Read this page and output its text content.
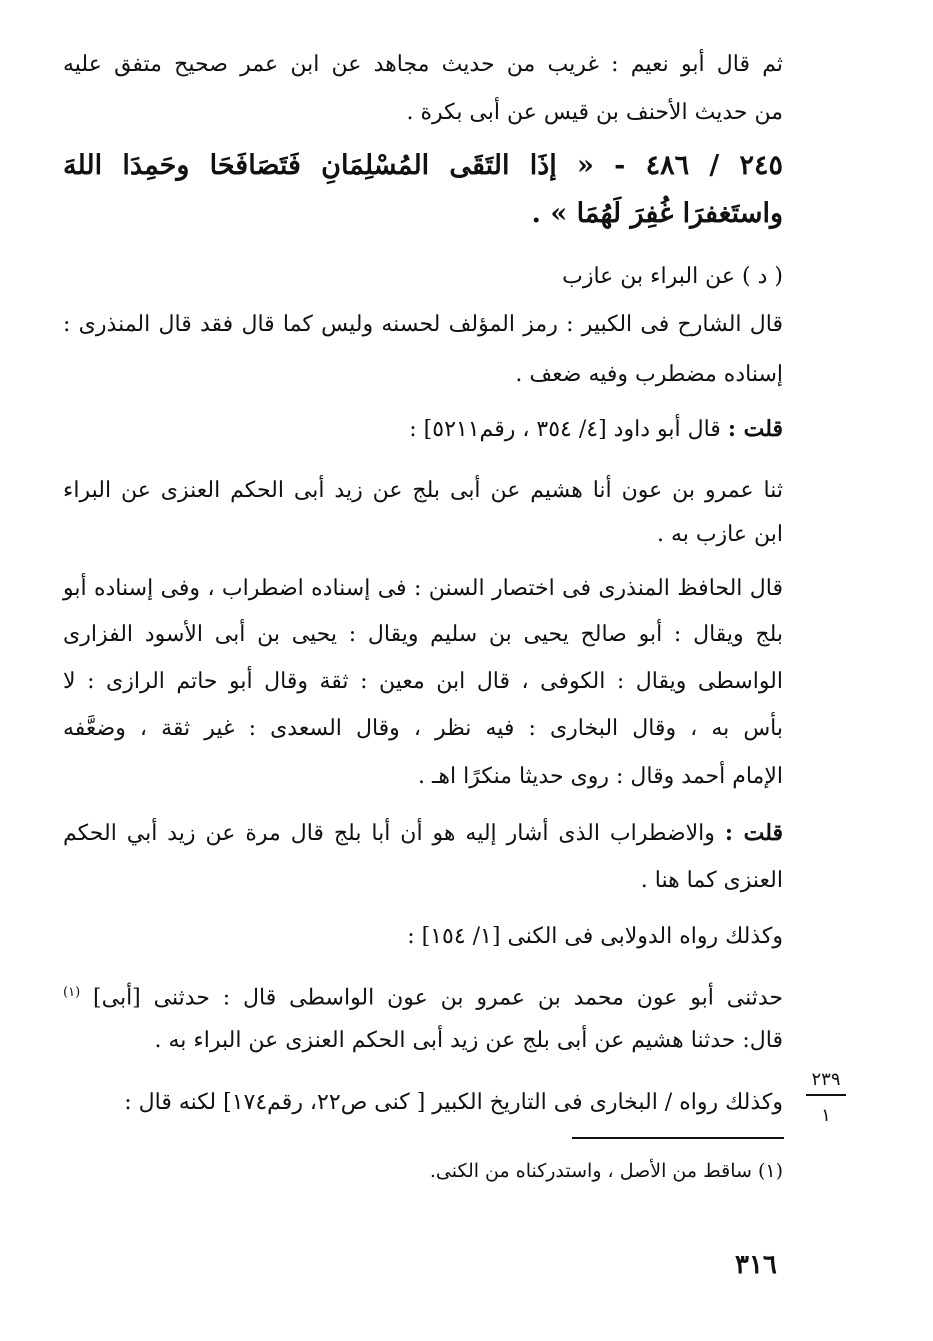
ثم قال أبو نعيم : غريب من حديث مجاهد عن ابن عمر صحيح متفق عليه
من حديث الأحنف بن قيس عن أبى بكرة .
٢٤٥ / ٤٨٦ - « إذَا التَقَى المُسْلِمَانِ فَتَصَافَحَا وحَمِدَا اللهَ
واستَغفرَا غُفِرَ لَهُمَا » .
( د ) عن البراء بن عازب
قال الشارح فى الكبير : رمز المؤلف لحسنه وليس كما قال فقد قال المنذرى :
إسناده مضطرب وفيه ضعف .
قلت : قال أبو داود [٤/ ٣٥٤ ، رقم٥٢١١] :
ثنا عمرو بن عون أنا هشيم عن أبى بلج عن زيد أبى الحكم العنزى عن البراء
ابن عازب به .
قال الحافظ المنذرى فى اختصار السنن : فى إسناده اضطراب ، وفى إسناده أبو
بلج ويقال : أبو صالح يحيى بن سليم ويقال : يحيى بن أبى الأسود الفزارى
الواسطى ويقال : الكوفى ، قال ابن معين : ثقة وقال أبو حاتم الرازى : لا
بأس به ، وقال البخارى : فيه نظر ، وقال السعدى : غير ثقة ، وضعَّفه
الإمام أحمد وقال : روى حديثا منكرًا اهـ .
قلت : والاضطراب الذى أشار إليه هو أن أبا بلج قال مرة عن زيد أبي الحكم
العنزى كما هنا .
وكذلك رواه الدولابى فى الكنى [١/ ١٥٤] :
حدثنى أبو عون محمد بن عمرو بن عون الواسطى قال : حدثنى [أبى] $^{(١)}$
قال: حدثنا هشيم عن أبى بلج عن زيد أبى الحكم العنزى عن البراء به .
وكذلك رواه / البخارى فى التاريخ الكبير [ كنى ص٢٢، رقم١٧٤] لكنه قال :
٢٣٩
١
(١) ساقط من الأصل ، واستدركناه من الكنى.
٣١٦
